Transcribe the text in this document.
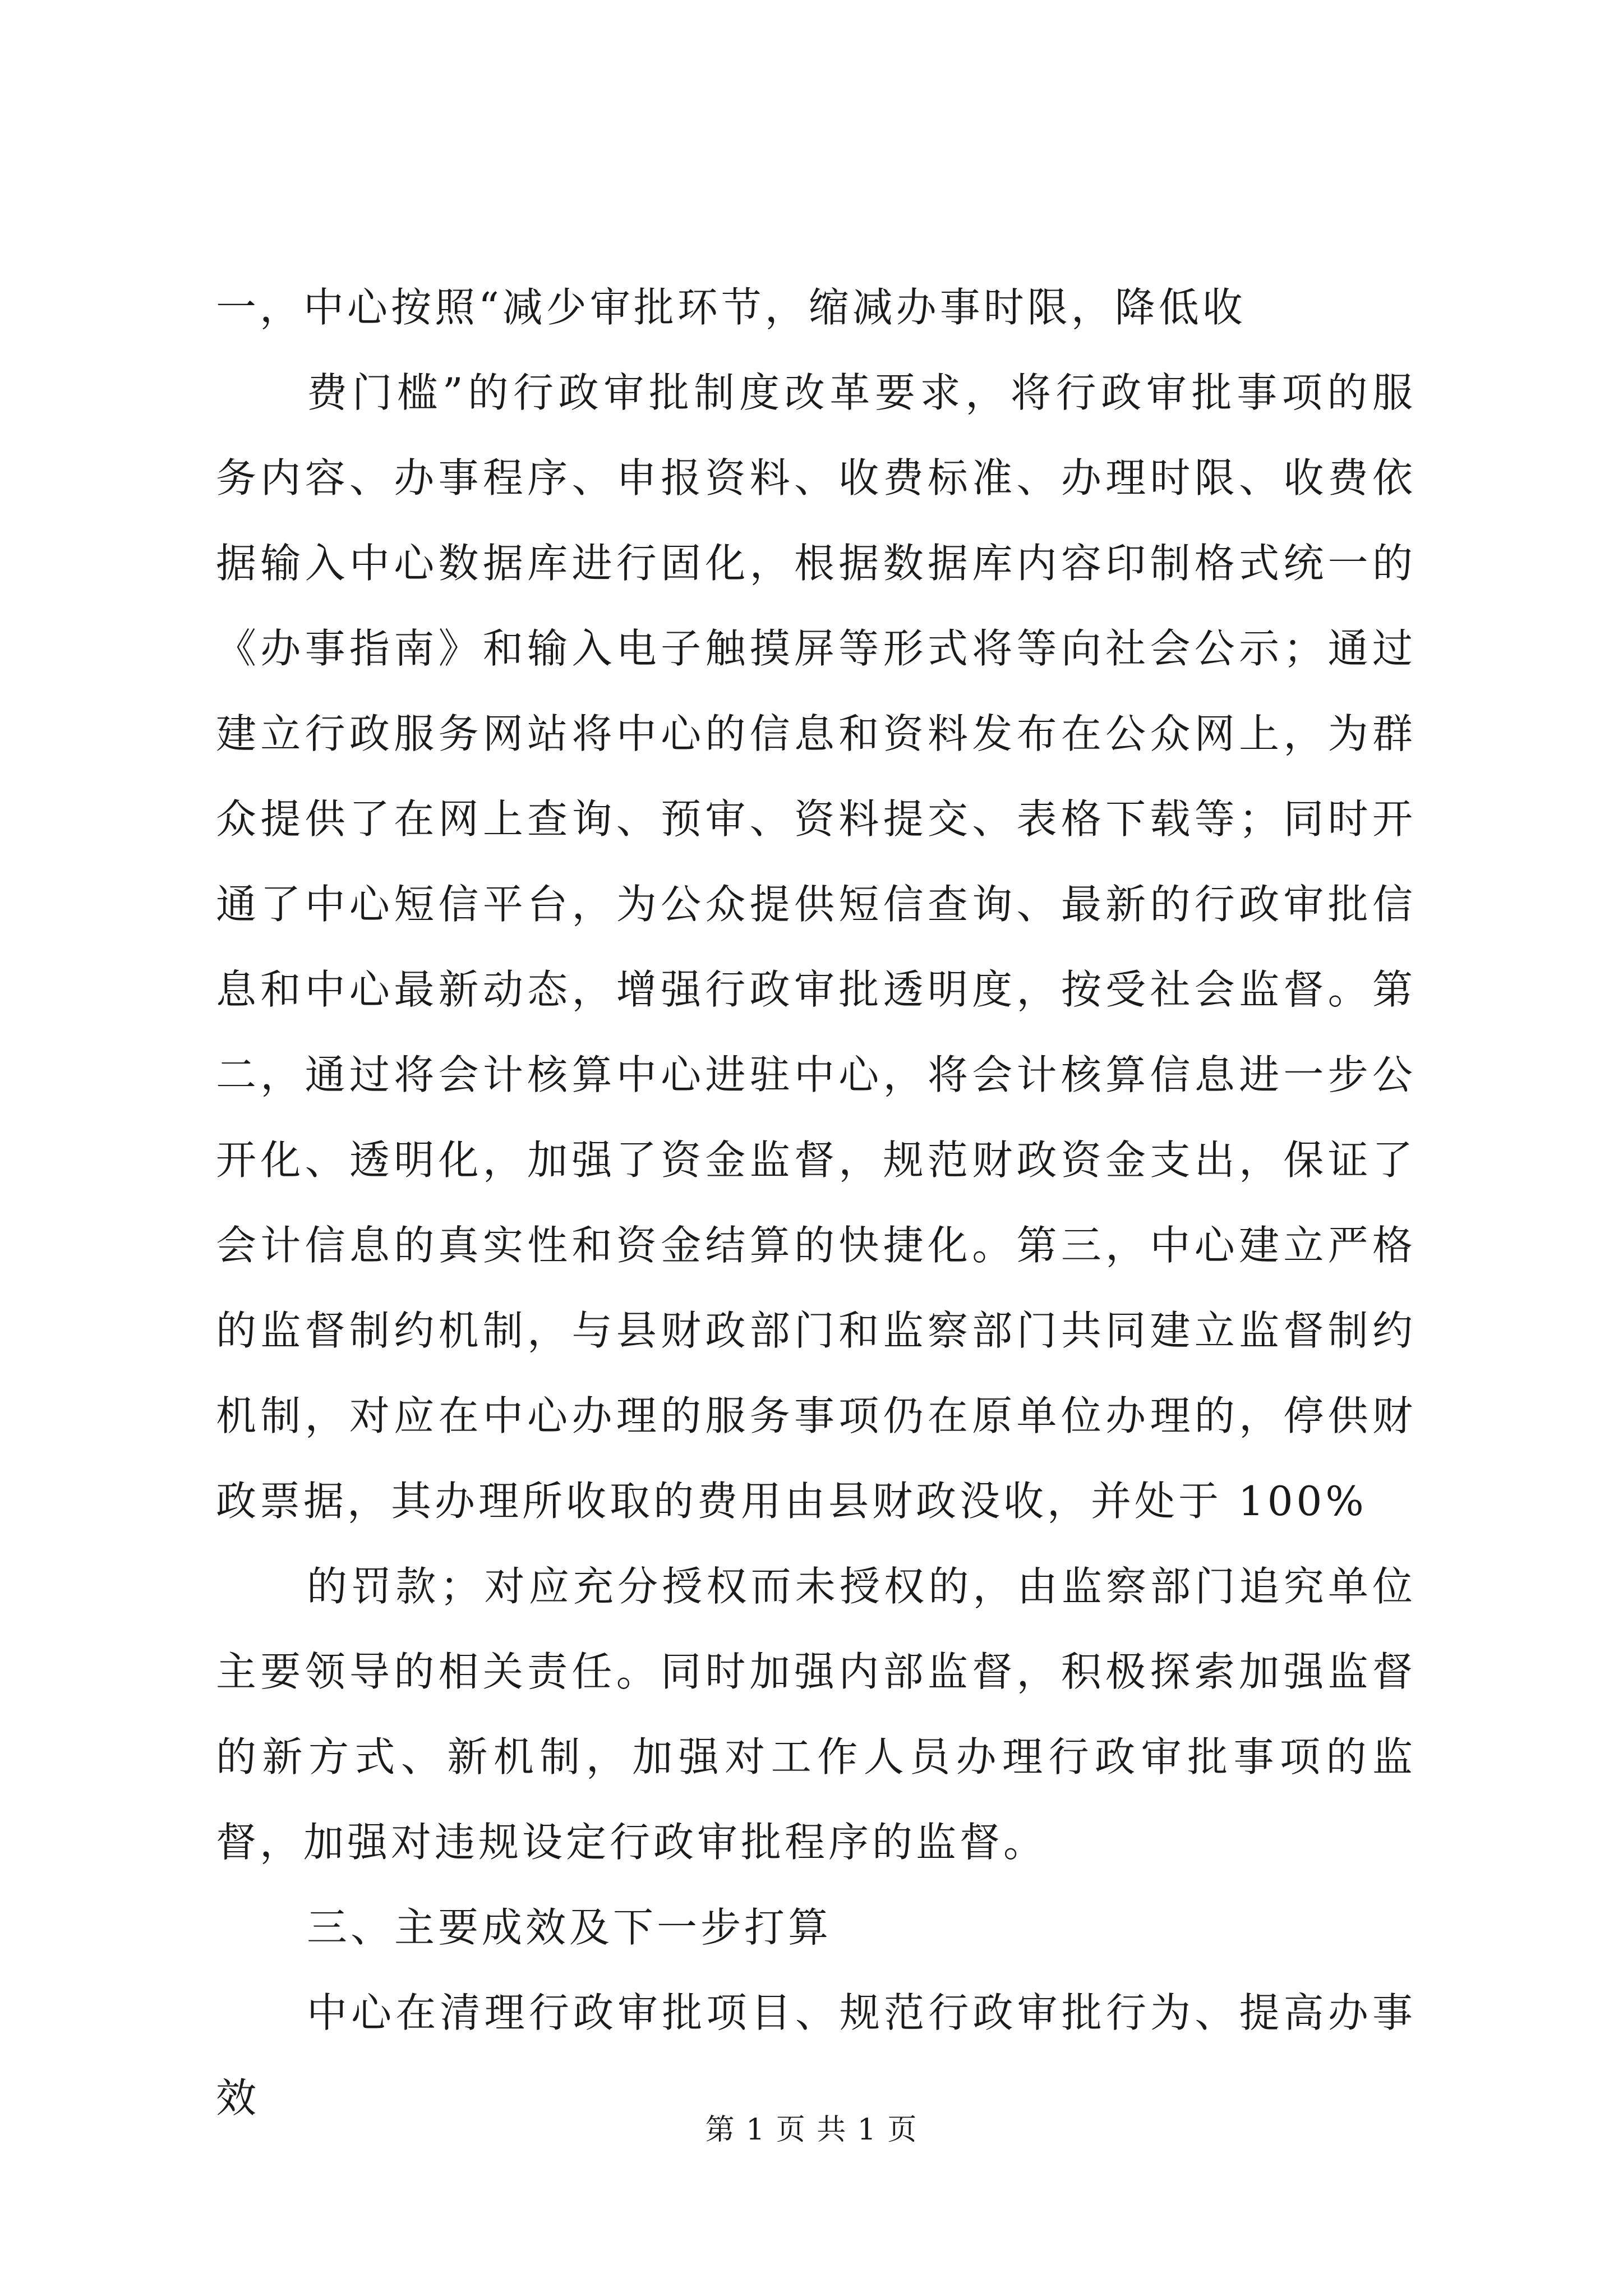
一，中心按照“减少审批环节，缩减办事时限，降低收

费门槛”的行政审批制度改革要求，将行政审批事项的服务内容、办事程序、申报资料、收费标准、办理时限、收费依据输入中心数据库进行固化，根据数据库内容印制格式统一的《办事指南》和输入电子触摸屏等形式将等向社会公示；通过建立行政服务网站将中心的信息和资料发布在公众网上，为群众提供了在网上查询、预审、资料提交、表格下载等；同时开通了中心短信平台，为公众提供短信查询、最新的行政审批信息和中心最新动态，增强行政审批透明度，按受社会监督。第二，通过将会计核算中心进驻中心，将会计核算信息进一步公开化、透明化，加强了资金监督，规范财政资金支出，保证了会计信息的真实性和资金结算的快捷化。第三，中心建立严格的监督制约机制，与县财政部门和监察部门共同建立监督制约机制，对应在中心办理的服务事项仍在原单位办理的，停供财政票据，其办理所收取的费用由县财政没收，并处于 100%

的罚款；对应充分授权而未授权的，由监察部门追究单位主要领导的相关责任。同时加强内部监督，积极探索加强监督的新方式、新机制，加强对工作人员办理行政审批事项的监督，加强对违规设定行政审批程序的监督。

三、主要成效及下一步打算

中心在清理行政审批项目、规范行政审批行为、提高办事效

第 1 页 共 1 页
